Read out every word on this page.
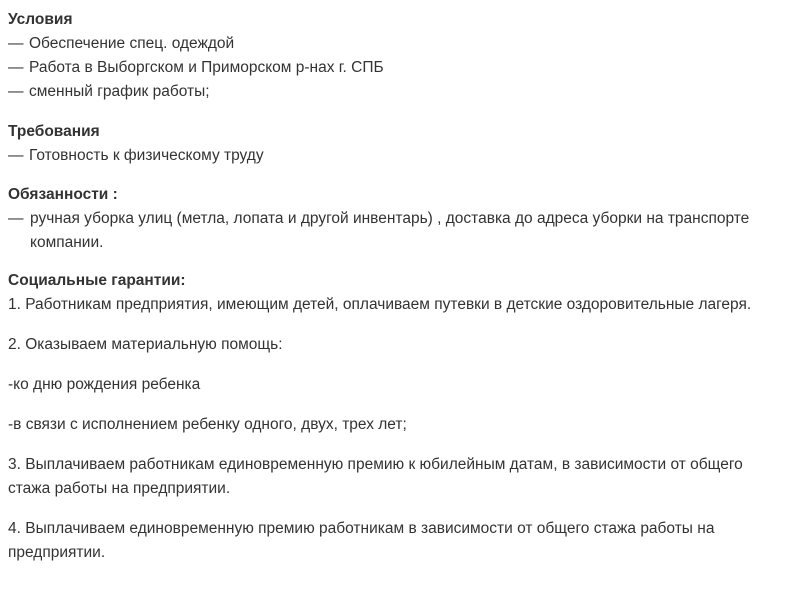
Условия

— Обеспечение спец. одеждой
— Работа в Выборгском и Приморском р-нах г. СПБ
— сменный график работы;

Требования

— Готовность к физическому труду

Обязанности :

— ручная уборка улиц (метла, лопата и другой инвентарь) , доставка до адреса уборки на транспорте компании.

Социальные гарантии:

1. Работникам предприятия, имеющим детей, оплачиваем путевки в детские оздоровительные лагеря.

2. Оказываем материальную помощь:

-ко дню рождения ребенка

-в связи с исполнением ребенку одного, двух, трех лет;

3. Выплачиваем работникам единовременную премию к юбилейным датам, в зависимости от общего стажа работы на предприятии.

4. Выплачиваем единовременную премию работникам в зависимости от общего стажа работы на предприятии.
